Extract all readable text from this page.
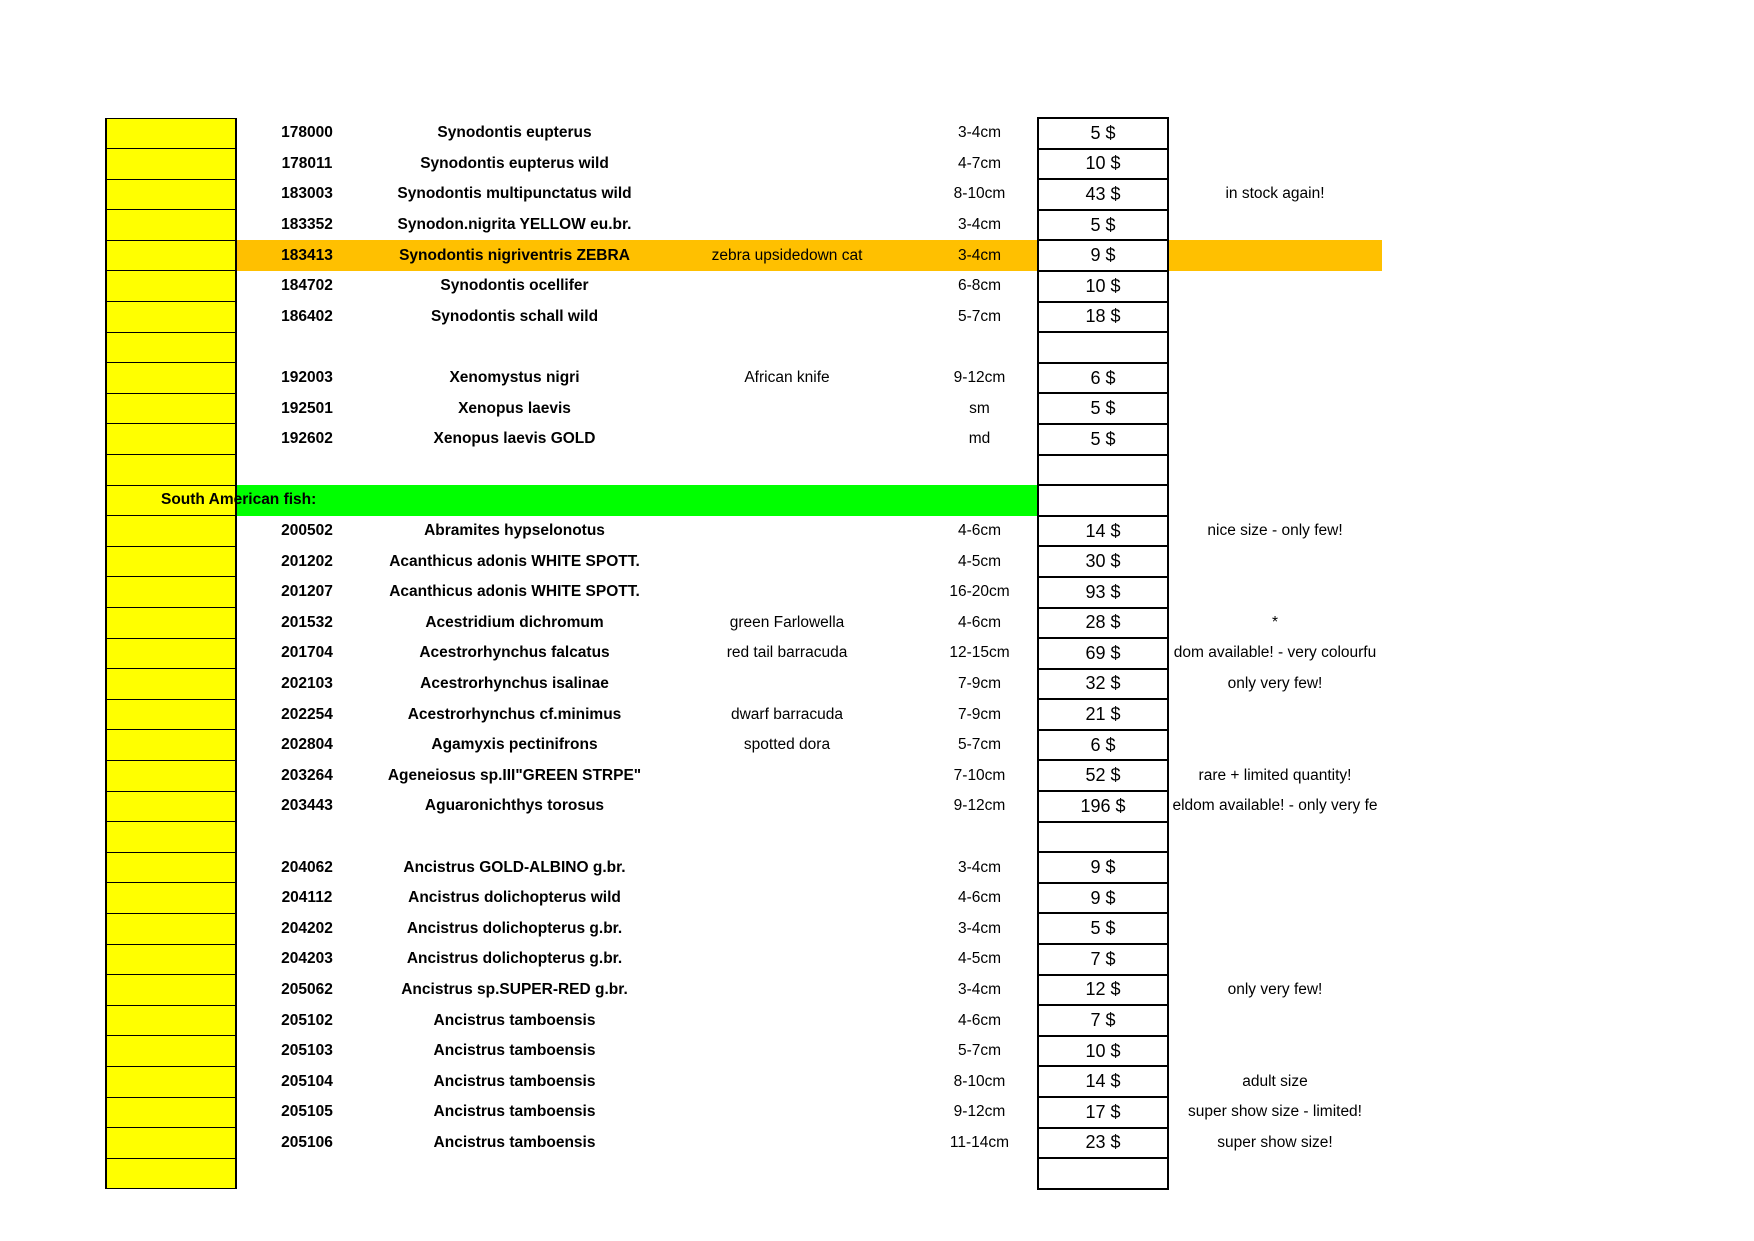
	178000	Synodontis eupterus		3-4cm	5 $	
	178011	Synodontis eupterus wild		4-7cm	10 $	
	183003	Synodontis multipunctatus wild		8-10cm	43 $	in stock again!
	183352	Synodon.nigrita YELLOW eu.br.		3-4cm	5 $	
	183413	Synodontis nigriventris ZEBRA	zebra upsidedown cat	3-4cm	9 $	
	184702	Synodontis ocellifer		6-8cm	10 $	
	186402	Synodontis schall wild		5-7cm	18 $	

	192003	Xenomystus nigri	African knife	9-12cm	6 $	
	192501	Xenopus laevis		sm	5 $	
	192602	Xenopus laevis GOLD		md	5 $	

	South American fish:					

	200502	Abramites hypselonotus		4-6cm	14 $	nice size - only few!
	201202	Acanthicus adonis WHITE SPOTT.		4-5cm	30 $	
	201207	Acanthicus adonis WHITE SPOTT.		16-20cm	93 $	
	201532	Acestridium dichromum	green Farlowella	4-6cm	28 $	*
	201704	Acestrorhynchus falcatus	red tail barracuda	12-15cm	69 $	dom available! - very colourfu
	202103	Acestrorhynchus isalinae		7-9cm	32 $	only very few!
	202254	Acestrorhynchus cf.minimus	dwarf barracuda	7-9cm	21 $	
	202804	Agamyxis pectinifrons	spotted dora	5-7cm	6 $	
	203264	Ageneiosus sp.III"GREEN STRPE"		7-10cm	52 $	rare + limited quantity!
	203443	Aguaronichthys torosus		9-12cm	196 $	eldom available! - only very fe

	204062	Ancistrus GOLD-ALBINO g.br.		3-4cm	9 $	
	204112	Ancistrus dolichopterus wild		4-6cm	9 $	
	204202	Ancistrus dolichopterus g.br.		3-4cm	5 $	
	204203	Ancistrus dolichopterus g.br.		4-5cm	7 $	
	205062	Ancistrus sp.SUPER-RED g.br.		3-4cm	12 $	only very few!
	205102	Ancistrus tamboensis		4-6cm	7 $	
	205103	Ancistrus tamboensis		5-7cm	10 $	
	205104	Ancistrus tamboensis		8-10cm	14 $	adult size
	205105	Ancistrus tamboensis		9-12cm	17 $	super show size - limited!
	205106	Ancistrus tamboensis		11-14cm	23 $	super show size!
